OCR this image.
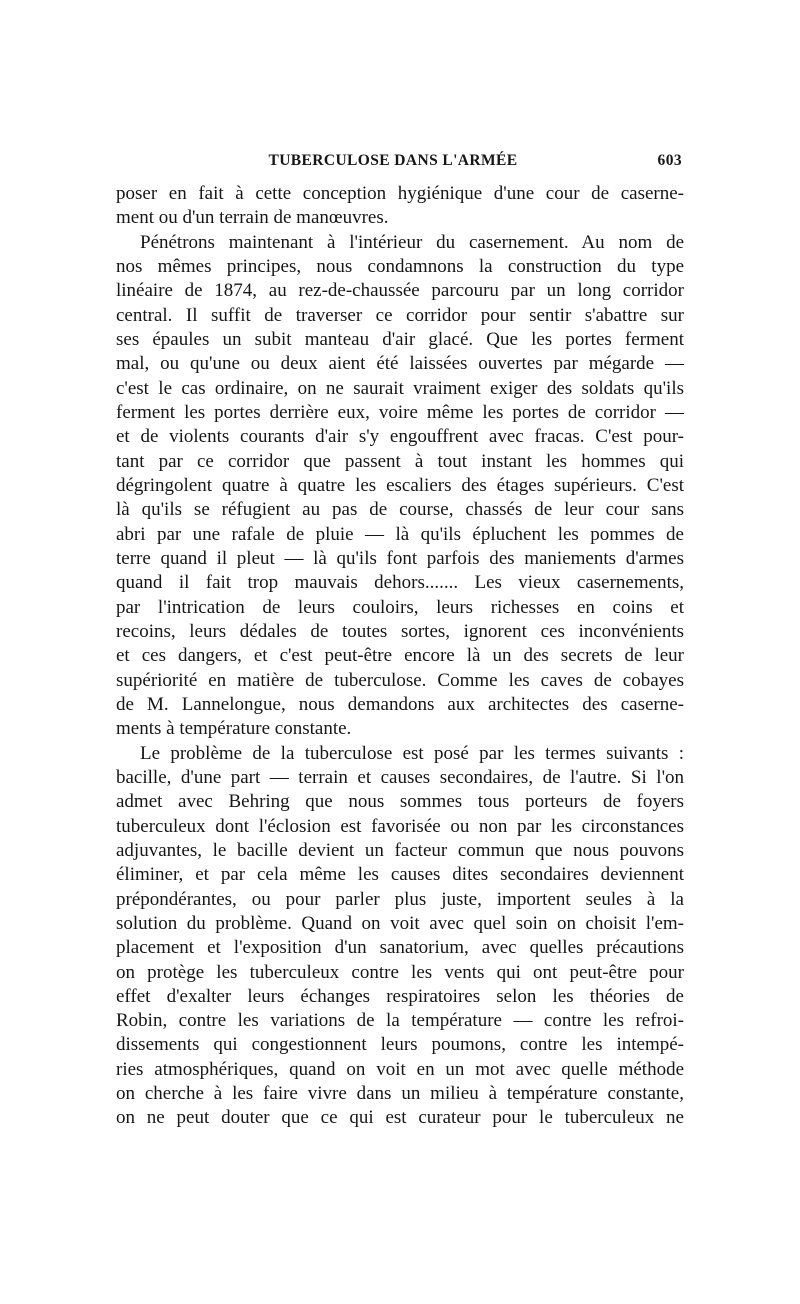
TUBERCULOSE DANS L'ARMÉE	603
poser en fait à cette conception hygiénique d'une cour de caserne-
ment ou d'un terrain de manœuvres.
Pénétrons maintenant à l'intérieur du casernement. Au nom de
nos mêmes principes, nous condamnons la construction du type
linéaire de 1874, au rez-de-chaussée parcouru par un long corridor
central. Il suffit de traverser ce corridor pour sentir s'abattre sur
ses épaules un subit manteau d'air glacé. Que les portes ferment
mal, ou qu'une ou deux aient été laissées ouvertes par mégarde —
c'est le cas ordinaire, on ne saurait vraiment exiger des soldats qu'ils
ferment les portes derrière eux, voire même les portes de corridor —
et de violents courants d'air s'y engouffrent avec fracas. C'est pour-
tant par ce corridor que passent à tout instant les hommes qui
dégringolent quatre à quatre les escaliers des étages supérieurs. C'est
là qu'ils se réfugient au pas de course, chassés de leur cour sans
abri par une rafale de pluie — là qu'ils épluchent les pommes de
terre quand il pleut — là qu'ils font parfois des maniements d'armes
quand il fait trop mauvais dehors....... Les vieux casernements,
par l'intrication de leurs couloirs, leurs richesses en coins et
recoins, leurs dédales de toutes sortes, ignorent ces inconvénients
et ces dangers, et c'est peut-être encore là un des secrets de leur
supériorité en matière de tuberculose. Comme les caves de cobayes
de M. Lannelongue, nous demandons aux architectes des caserne-
ments à température constante.
Le problème de la tuberculose est posé par les termes suivants :
bacille, d'une part — terrain et causes secondaires, de l'autre. Si l'on
admet avec Behring que nous sommes tous porteurs de foyers
tuberculeux dont l'éclosion est favorisée ou non par les circonstances
adjuvantes, le bacille devient un facteur commun que nous pouvons
éliminer, et par cela même les causes dites secondaires deviennent
prépondérantes, ou pour parler plus juste, importent seules à la
solution du problème. Quand on voit avec quel soin on choisit l'em-
placement et l'exposition d'un sanatorium, avec quelles précautions
on protège les tuberculeux contre les vents qui ont peut-être pour
effet d'exalter leurs échanges respiratoires selon les théories de
Robin, contre les variations de la température — contre les refroi-
dissements qui congestionnent leurs poumons, contre les intempé-
ries atmosphériques, quand on voit en un mot avec quelle méthode
on cherche à les faire vivre dans un milieu à température constante,
on ne peut douter que ce qui est curateur pour le tuberculeux ne
